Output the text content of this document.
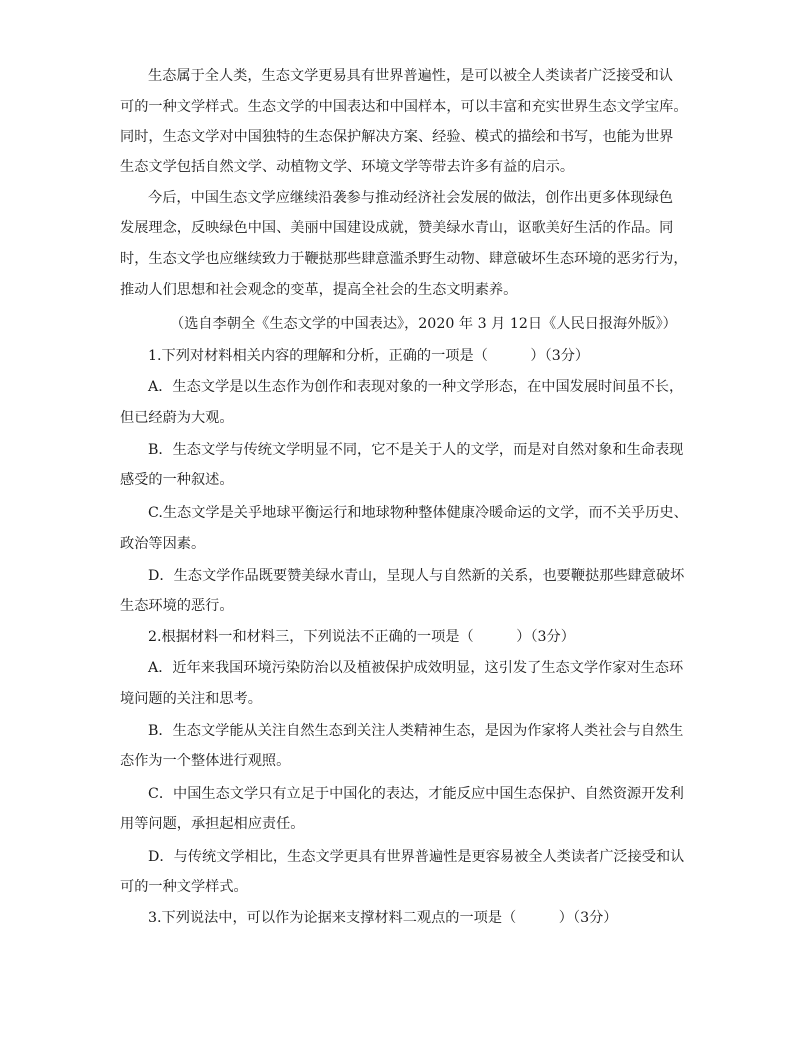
生态属于全人类，生态文学更易具有世界普遍性，是可以被全人类读者广泛接受和认
可的一种文学样式。生态文学的中国表达和中国样本，可以丰富和充实世界生态文学宝库。
同时，生态文学对中国独特的生态保护解决方案、经验、模式的描绘和书写，也能为世界
生态文学包括自然文学、动植物文学、环境文学等带去许多有益的启示。
今后，中国生态文学应继续沿袭参与推动经济社会发展的做法，创作出更多体现绿色
发展理念，反映绿色中国、美丽中国建设成就，赞美绿水青山，讴歌美好生活的作品。同
时，生态文学也应继续致力于鞭挞那些肆意滥杀野生动物、肆意破坏生态环境的恶劣行为，
推动人们思想和社会观念的变革，提高全社会的生态文明素养。
（选自李朝全《生态文学的中国表达》，2020 年 3 月 12日《人民日报海外版》）
1.下列对材料相关内容的理解和分析，正确的一项是（　　　）（3分）
A．生态文学是以生态作为创作和表现对象的一种文学形态，在中国发展时间虽不长，
但已经蔚为大观。
B．生态文学与传统文学明显不同，它不是关于人的文学，而是对自然对象和生命表现
感受的一种叙述。
C.生态文学是关乎地球平衡运行和地球物种整体健康冷暖命运的文学，而不关乎历史、
政治等因素。
D．生态文学作品既要赞美绿水青山，呈现人与自然新的关系，也要鞭挞那些肆意破坏
生态环境的恶行。
2.根据材料一和材料三，下列说法不正确的一项是（　　　）（3分）
A．近年来我国环境污染防治以及植被保护成效明显，这引发了生态文学作家对生态环
境问题的关注和思考。
B．生态文学能从关注自然生态到关注人类精神生态，是因为作家将人类社会与自然生
态作为一个整体进行观照。
C．中国生态文学只有立足于中国化的表达，才能反应中国生态保护、自然资源开发利
用等问题，承担起相应责任。
D．与传统文学相比，生态文学更具有世界普遍性是更容易被全人类读者广泛接受和认
可的一种文学样式。
3.下列说法中，可以作为论据来支撑材料二观点的一项是（　　　）（3分）
